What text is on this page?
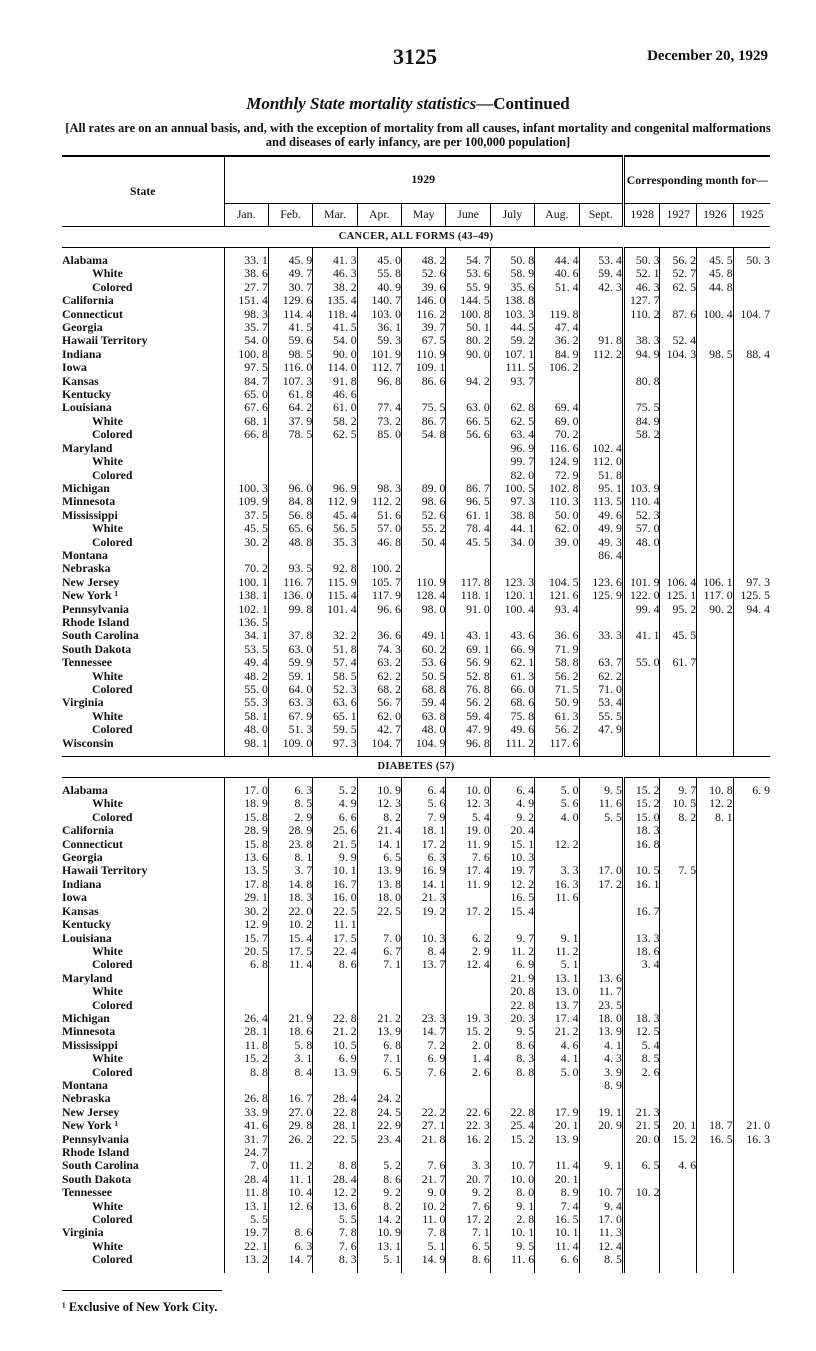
3125	December 20, 1929
Monthly State mortality statistics—Continued
[All rates are on an annual basis, and, with the exception of mortality from all causes, infant mortality and congenital malformations and diseases of early infancy, are per 100,000 population]
State	1929									Corresponding month for—			
	Jan.	Feb.	Mar.	Apr.	May	June	July	Aug.	Sept.	1928	1927	1926	1925
CANCER, ALL FORMS (43–49)													

Alabama	33. 1	45. 9	41. 3	45. 0	48. 2	54. 7	50. 8	44. 4	53. 4	50. 3	56. 2	45. 5	50. 3
White	38. 6	49. 7	46. 3	55. 8	52. 6	53. 6	58. 9	40. 6	59. 4	52. 1	52. 7	45. 8	
Colored	27. 7	30. 7	38. 2	40. 9	39. 6	55. 9	35. 6	51. 4	42. 3	46. 3	62. 5	44. 8	
California	151. 4	129. 6	135. 4	140. 7	146. 0	144. 5	138. 8			127. 7			
Connecticut	98. 3	114. 4	118. 4	103. 0	116. 2	100. 8	103. 3	119. 8		110. 2	87. 6	100. 4	104. 7
Georgia	35. 7	41. 5	41. 5	36. 1	39. 7	50. 1	44. 5	47. 4					
Hawaii Territory	54. 0	59. 6	54. 0	59. 3	67. 5	80. 2	59. 2	36. 2	91. 8	38. 3	52. 4		
Indiana	100. 8	98. 5	90. 0	101. 9	110. 9	90. 0	107. 1	84. 9	112. 2	94. 9	104. 3	98. 5	88. 4
Iowa	97. 5	116. 0	114. 0	112. 7	109. 1		111. 5	106. 2					
Kansas	84. 7	107. 3	91. 8	96. 8	86. 6	94. 2	93. 7			80. 8			
Kentucky	65. 0	61. 8	46. 6										
Louisiana	67. 6	64. 2	61. 0	77. 4	75. 5	63. 0	62. 8	69. 4		75. 5			
White	68. 1	37. 9	58. 2	73. 2	86. 7	66. 5	62. 5	69. 0		84. 9			
Colored	66. 8	78. 5	62. 5	85. 0	54. 8	56. 6	63. 4	70. 2		58. 2			
Maryland							96. 9	116. 6	102. 4				
White							99. 7	124. 9	112. 0				
Colored							82. 0	72. 9	51. 8				
Michigan	100. 3	96. 0	96. 9	98. 3	89. 0	86. 7	100. 5	102. 8	95. 1	103. 9			
Minnesota	109. 9	84. 8	112. 9	112. 2	98. 6	96. 5	97. 3	110. 3	113. 5	110. 4			
Mississippi	37. 5	56. 8	45. 4	51. 6	52. 6	61. 1	38. 8	50. 0	49. 6	52. 3			
White	45. 5	65. 6	56. 5	57. 0	55. 2	78. 4	44. 1	62. 0	49. 9	57. 0			
Colored	30. 2	48. 8	35. 3	46. 8	50. 4	45. 5	34. 0	39. 0	49. 3	48. 0			
Montana									86. 4				
Nebraska	70. 2	93. 5	92. 8	100. 2									
New Jersey	100. 1	116. 7	115. 9	105. 7	110. 9	117. 8	123. 3	104. 5	123. 6	101. 9	106. 4	106. 1	97. 3
New York ¹	138. 1	136. 0	115. 4	117. 9	128. 4	118. 1	120. 1	121. 6	125. 9	122. 0	125. 1	117. 0	125. 5
Pennsylvania	102. 1	99. 8	101. 4	96. 6	98. 0	91. 0	100. 4	93. 4		99. 4	95. 2	90. 2	94. 4
Rhode Island	136. 5												
South Carolina	34. 1	37. 8	32. 2	36. 6	49. 1	43. 1	43. 6	36. 6	33. 3	41. 1	45. 5		
South Dakota	53. 5	63. 0	51. 8	74. 3	60. 2	69. 1	66. 9	71. 9					
Tennessee	49. 4	59. 9	57. 4	63. 2	53. 6	56. 9	62. 1	58. 8	63. 7	55. 0	61. 7		
White	48. 2	59. 1	58. 5	62. 2	50. 5	52. 8	61. 3	56. 2	62. 2				
Colored	55. 0	64. 0	52. 3	68. 2	68. 8	76. 8	66. 0	71. 5	71. 0				
Virginia	55. 3	63. 3	63. 6	56. 7	59. 4	56. 2	68. 6	50. 9	53. 4				
White	58. 1	67. 9	65. 1	62. 0	63. 8	59. 4	75. 8	61. 3	55. 5				
Colored	48. 0	51. 3	59. 5	42. 7	48. 0	47. 9	49. 6	56. 2	47. 9				
Wisconsin	98. 1	109. 0	97. 3	104. 7	104. 9	96. 8	111. 2	117. 6					

DIABETES (57)													

Alabama	17. 0	6. 3	5. 2	10. 9	6. 4	10. 0	6. 4	5. 0	9. 5	15. 2	9. 7	10. 8	6. 9
White	18. 9	8. 5	4. 9	12. 3	5. 6	12. 3	4. 9	5. 6	11. 6	15. 2	10. 5	12. 2	
Colored	15. 8	2. 9	6. 6	8. 2	7. 9	5. 4	9. 2	4. 0	5. 5	15. 0	8. 2	8. 1	
California	28. 9	28. 9	25. 6	21. 4	18. 1	19. 0	20. 4			18. 3			
Connecticut	15. 8	23. 8	21. 5	14. 1	17. 2	11. 9	15. 1	12. 2		16. 8			
Georgia	13. 6	8. 1	9. 9	6. 5	6. 3	7. 6	10. 3						
Hawaii Territory	13. 5	3. 7	10. 1	13. 9	16. 9	17. 4	19. 7	3. 3	17. 0	10. 5	7. 5		
Indiana	17. 8	14. 8	16. 7	13. 8	14. 1	11. 9	12. 2	16. 3	17. 2	16. 1			
Iowa	29. 1	18. 3	16. 0	18. 0	21. 3		16. 5	11. 6					
Kansas	30. 2	22. 0	22. 5	22. 5	19. 2	17. 2	15. 4			16. 7			
Kentucky	12. 9	10. 2	11. 1										
Louisiana	15. 7	15. 4	17. 5	7. 0	10. 3	6. 2	9. 7	9. 1		13. 3			
White	20. 5	17. 5	22. 4	6. 7	8. 4	2. 9	11. 2	11. 2		18. 6			
Colored	6. 8	11. 4	8. 6	7. 1	13. 7	12. 4	6. 9	5. 1		3. 4			
Maryland							21. 9	13. 1	13. 6				
White							20. 8	13. 0	11. 7				
Colored							22. 8	13. 7	23. 5				
Michigan	26. 4	21. 9	22. 8	21. 2	23. 3	19. 3	20. 3	17. 4	18. 0	18. 3			
Minnesota	28. 1	18. 6	21. 2	13. 9	14. 7	15. 2	9. 5	21. 2	13. 9	12. 5			
Mississippi	11. 8	5. 8	10. 5	6. 8	7. 2	2. 0	8. 6	4. 6	4. 1	5. 4			
White	15. 2	3. 1	6. 9	7. 1	6. 9	1. 4	8. 3	4. 1	4. 3	8. 5			
Colored	8. 8	8. 4	13. 9	6. 5	7. 6	2. 6	8. 8	5. 0	3. 9	2. 6			
Montana									8. 9				
Nebraska	26. 8	16. 7	28. 4	24. 2									
New Jersey	33. 9	27. 0	22. 8	24. 5	22. 2	22. 6	22. 8	17. 9	19. 1	21. 3			
New York ¹	41. 6	29. 8	28. 1	22. 9	27. 1	22. 3	25. 4	20. 1	20. 9	21. 5	20. 1	18. 7	21. 0
Pennsylvania	31. 7	26. 2	22. 5	23. 4	21. 8	16. 2	15. 2	13. 9		20. 0	15. 2	16. 5	16. 3
Rhode Island	24. 7												
South Carolina	7. 0	11. 2	8. 8	5. 2	7. 6	3. 3	10. 7	11. 4	9. 1	6. 5	4. 6		
South Dakota	28. 4	11. 1	28. 4	8. 6	21. 7	20. 7	10. 0	20. 1					
Tennessee	11. 8	10. 4	12. 2	9. 2	9. 0	9. 2	8. 0	8. 9	10. 7	10. 2			
White	13. 1	12. 6	13. 6	8. 2	10. 2	7. 6	9. 1	7. 4	9. 4				
Colored	5. 5		5. 5	14. 2	11. 0	17. 2	2. 8	16. 5	17. 0				
Virginia	19. 7	8. 6	7. 8	10. 9	7. 8	7. 1	10. 1	10. 1	11. 3				
White	22. 1	6. 3	7. 6	13. 1	5. 1	6. 5	9. 5	11. 4	12. 4				
Colored	13. 2	14. 7	8. 3	5. 1	14. 9	8. 6	11. 6	6. 6	8. 5				

¹ Exclusive of New York City.
